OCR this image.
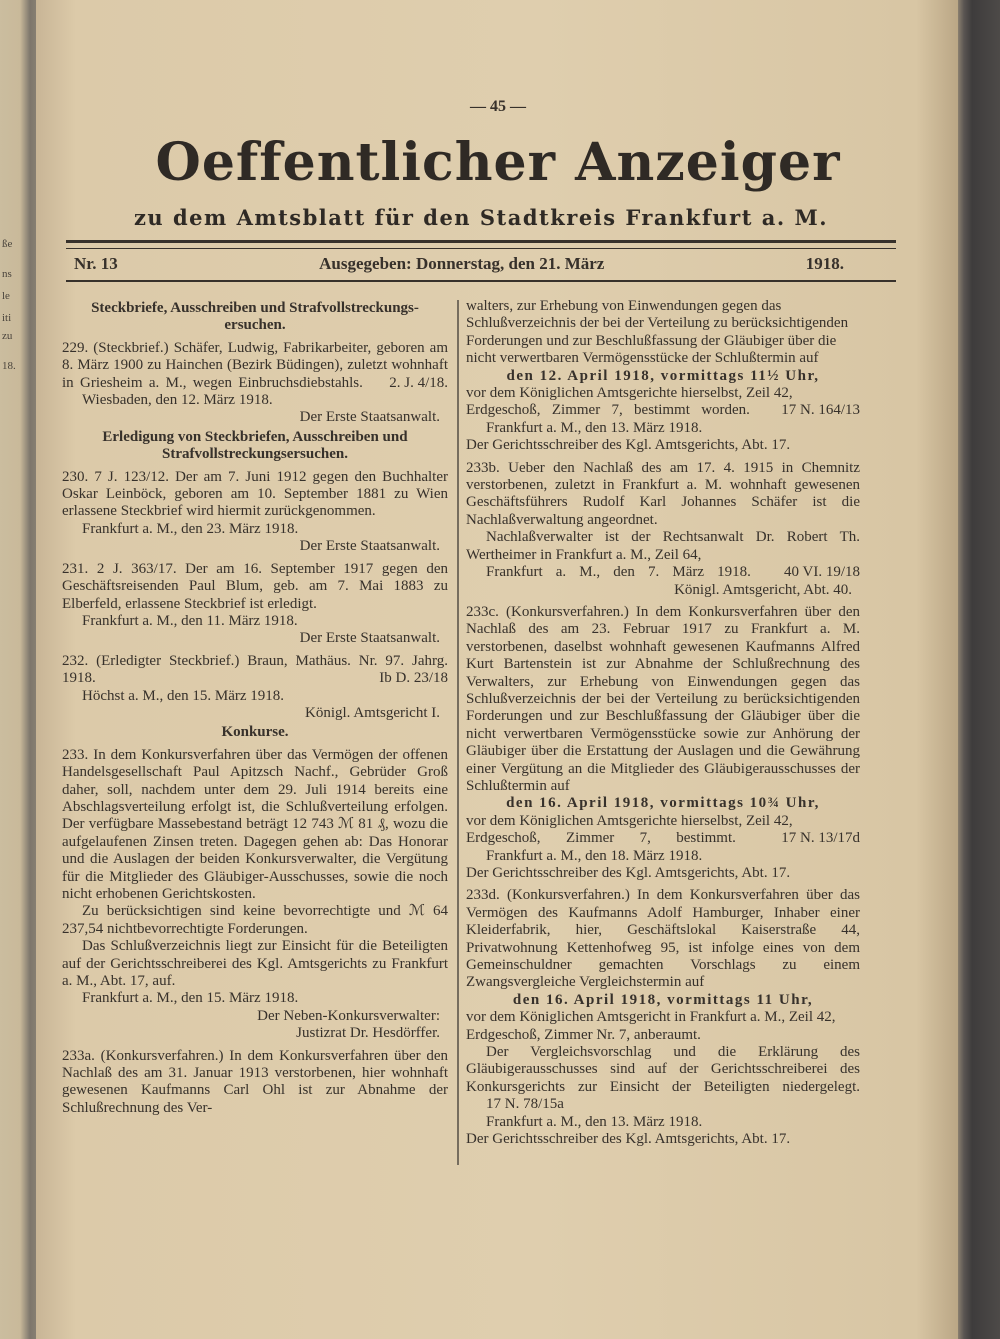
ße
ns
le
iti
zu
18.
— 45 —
Oeffentlicher Anzeiger
zu dem Amtsblatt für den Stadtkreis Frankfurt a. M.
Nr. 13	Ausgegeben: Donnerstag, den 21. März	1918.

Steckbriefe, Ausschreiben und Strafvollstreckungsersuchen.

229. (Steckbrief.) Schäfer, Ludwig, Fabrikarbeiter, geboren am 8. März 1900 zu Hainchen (Bezirk Büdingen), zuletzt wohnhaft in Griesheim a. M., wegen Einbruchsdiebstahls. 2. J. 4/18.

Wiesbaden, den 12. März 1918.

Der Erste Staatsanwalt.

Erledigung von Steckbriefen, Ausschreiben und Strafvollstreckungsersuchen.

230. 7 J. 123/12. Der am 7. Juni 1912 gegen den Buchhalter Oskar Leinböck, geboren am 10. September 1881 zu Wien erlassene Steckbrief wird hiermit zurückgenommen.

Frankfurt a. M., den 23. März 1918.

Der Erste Staatsanwalt.

231. 2 J. 363/17. Der am 16. September 1917 gegen den Geschäftsreisenden Paul Blum, geb. am 7. Mai 1883 zu Elberfeld, erlassene Steckbrief ist erledigt.

Frankfurt a. M., den 11. März 1918.

Der Erste Staatsanwalt.

232. (Erledigter Steckbrief.) Braun, Mathäus. Nr. 97. Jahrg. 1918.	Ib D. 23/18

Höchst a. M., den 15. März 1918.

Königl. Amtsgericht I.

Konkurse.

233. In dem Konkursverfahren über das Vermögen der offenen Handelsgesellschaft Paul Apitzsch Nachf., Gebrüder Groß daher, soll, nachdem unter dem 29. Juli 1914 bereits eine Abschlagsverteilung erfolgt ist, die Schlußverteilung erfolgen. Der verfügbare Massebestand beträgt 12 743 ℳ 81 ₰, wozu die aufgelaufenen Zinsen treten. Dagegen gehen ab: Das Honorar und die Auslagen der beiden Konkursverwalter, die Vergütung für die Mitglieder des Gläubiger-Ausschusses, sowie die noch nicht erhobenen Gerichtskosten.

Zu berücksichtigen sind keine bevorrechtigte und ℳ 64 237,54 nichtbevorrechtigte Forderungen.

Das Schlußverzeichnis liegt zur Einsicht für die Beteiligten auf der Gerichtsschreiberei des Kgl. Amtsgerichts zu Frankfurt a. M., Abt. 17, auf.

Frankfurt a. M., den 15. März 1918.

Der Neben-Konkursverwalter:

Justizrat Dr. Hesdörffer.

233a. (Konkursverfahren.) In dem Konkursverfahren über den Nachlaß des am 31. Januar 1913 verstorbenen, hier wohnhaft gewesenen Kaufmanns Carl Ohl ist zur Abnahme der Schlußrechnung des Ver-

walters, zur Erhebung von Einwendungen gegen das Schlußverzeichnis der bei der Verteilung zu berücksichtigenden Forderungen und zur Beschlußfassung der Gläubiger über die nicht verwertbaren Vermögensstücke der Schlußtermin auf

den 12. April 1918, vormittags 11½ Uhr,

vor dem Königlichen Amtsgerichte hierselbst, Zeil 42, Erdgeschoß, Zimmer 7, bestimmt worden. 17 N. 164/13

Frankfurt a. M., den 13. März 1918.

Der Gerichtsschreiber des Kgl. Amtsgerichts, Abt. 17.

233b. Ueber den Nachlaß des am 17. 4. 1915 in Chemnitz verstorbenen, zuletzt in Frankfurt a. M. wohnhaft gewesenen Geschäftsführers Rudolf Karl Johannes Schäfer ist die Nachlaßverwaltung angeordnet.

Nachlaßverwalter ist der Rechtsanwalt Dr. Robert Th. Wertheimer in Frankfurt a. M., Zeil 64,

Frankfurt a. M., den 7. März 1918. 40 VI. 19/18

Königl. Amtsgericht, Abt. 40.

233c. (Konkursverfahren.) In dem Konkursverfahren über den Nachlaß des am 23. Februar 1917 zu Frankfurt a. M. verstorbenen, daselbst wohnhaft gewesenen Kaufmanns Alfred Kurt Bartenstein ist zur Abnahme der Schlußrechnung des Verwalters, zur Erhebung von Einwendungen gegen das Schlußverzeichnis der bei der Verteilung zu berücksichtigenden Forderungen und zur Beschlußfassung der Gläubiger über die nicht verwertbaren Vermögensstücke sowie zur Anhörung der Gläubiger über die Erstattung der Auslagen und die Gewährung einer Vergütung an die Mitglieder des Gläubigerausschusses der Schlußtermin auf

den 16. April 1918, vormittags 10¾ Uhr,

vor dem Königlichen Amtsgerichte hierselbst, Zeil 42, Erdgeschoß, Zimmer 7, bestimmt.	17 N. 13/17d

Frankfurt a. M., den 18. März 1918.

Der Gerichtsschreiber des Kgl. Amtsgerichts, Abt. 17.

233d. (Konkursverfahren.) In dem Konkursverfahren über das Vermögen des Kaufmanns Adolf Hamburger, Inhaber einer Kleiderfabrik, hier, Geschäftslokal Kaiserstraße 44, Privatwohnung Kettenhofweg 95, ist infolge eines von dem Gemeinschuldner gemachten Vorschlags zu einem Zwangsvergleiche Vergleichstermin auf

den 16. April 1918, vormittags 11 Uhr,

vor dem Königlichen Amtsgericht in Frankfurt a. M., Zeil 42, Erdgeschoß, Zimmer Nr. 7, anberaumt.

Der Vergleichsvorschlag und die Erklärung des Gläubigerausschusses sind auf der Gerichtsschreiberei des Konkursgerichts zur Einsicht der Beteiligten niedergelegt. 17 N. 78/15a

Frankfurt a. M., den 13. März 1918.

Der Gerichtsschreiber des Kgl. Amtsgerichts, Abt. 17.
